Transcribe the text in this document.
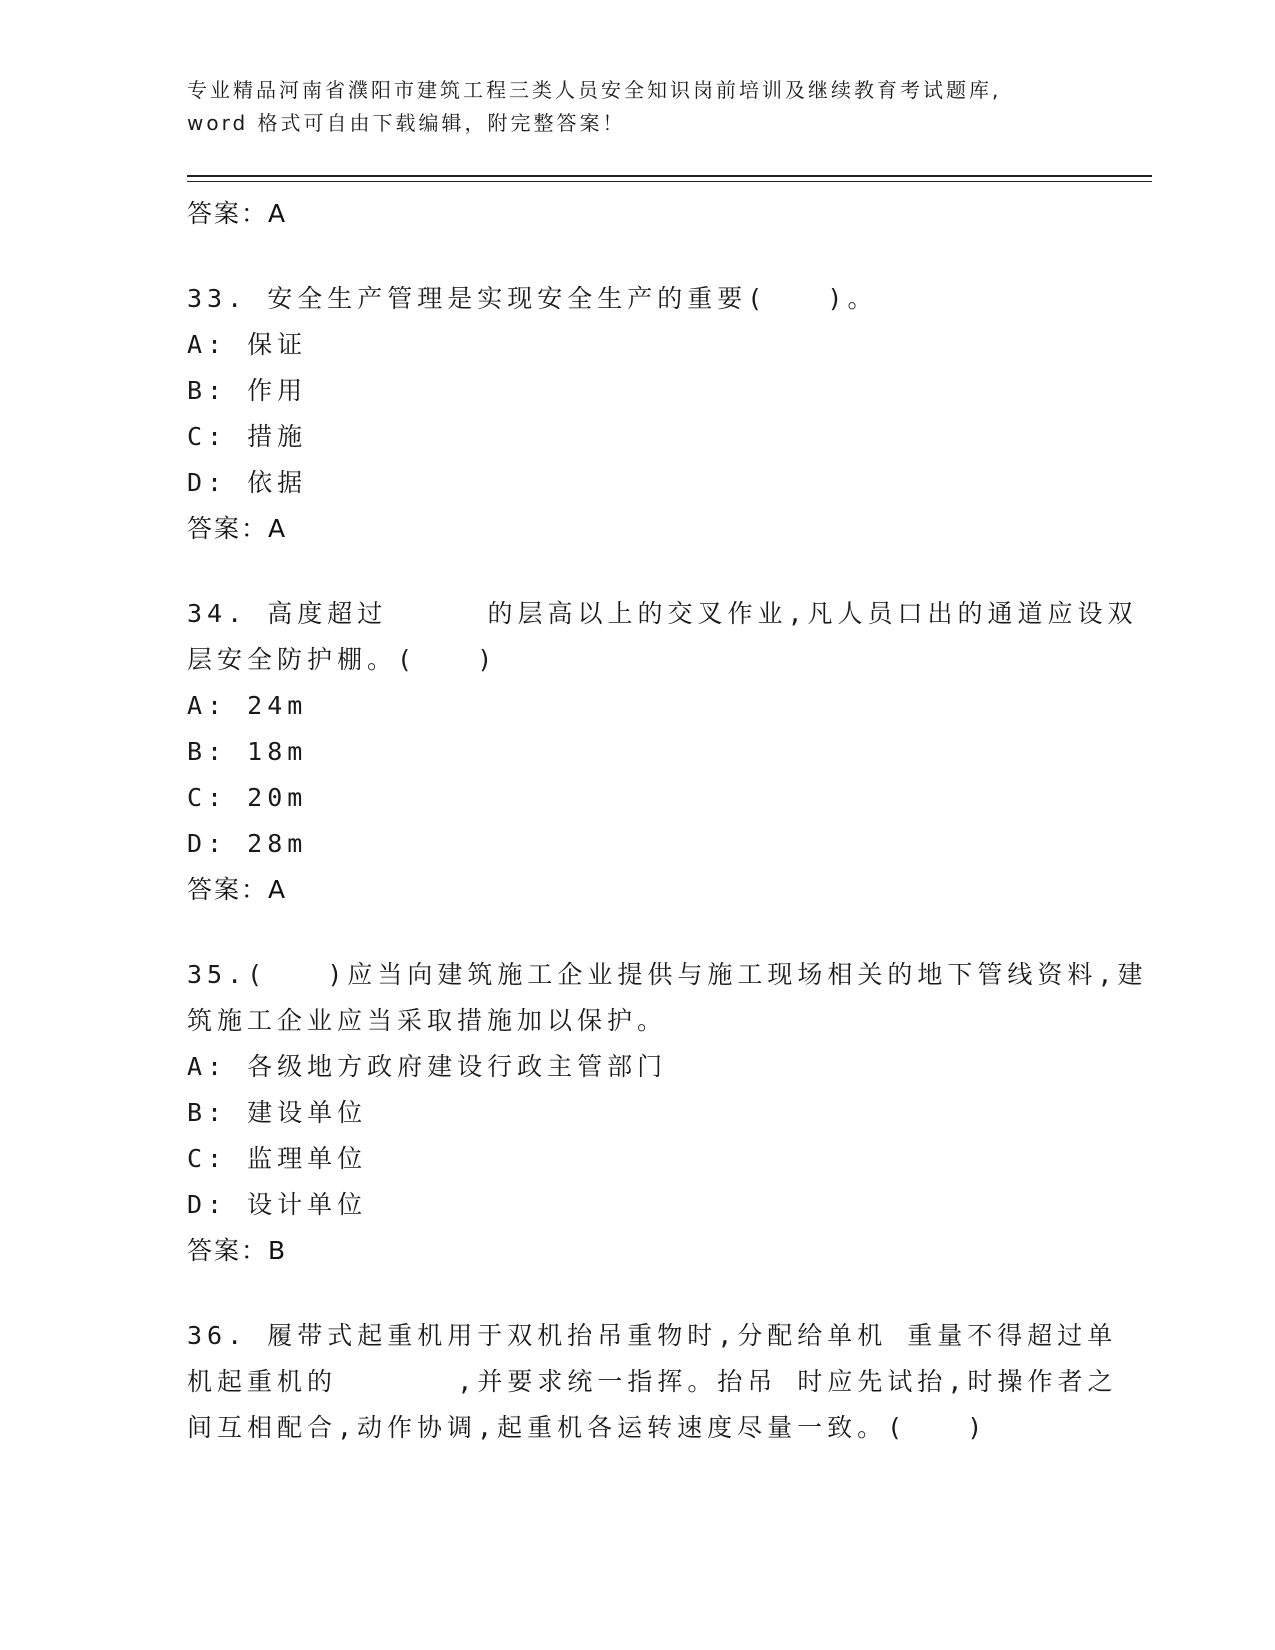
专业精品河南省濮阳市建筑工程三类人员安全知识岗前培训及继续教育考试题库,
word 格式可自由下载编辑，附完整答案！
答案：A
33. 安全生产管理是实现安全生产的重要(   )。
A: 保证
B: 作用
C: 措施
D: 依据
答案：A
34. 高度超过     的层高以上的交叉作业,凡人员口出的通道应设双
层安全防护棚。(   )
A: 24m
B: 18m
C: 20m
D: 28m
答案：A
35.(   )应当向建筑施工企业提供与施工现场相关的地下管线资料,建
筑施工企业应当采取措施加以保护。
A: 各级地方政府建设行政主管部门
B: 建设单位
C: 监理单位
D: 设计单位
答案：B
36. 履带式起重机用于双机抬吊重物时,分配给单机 重量不得超过单
机起重机的      ,并要求统一指挥。抬吊 时应先试抬,时操作者之
间互相配合,动作协调,起重机各运转速度尽量一致。(   )
